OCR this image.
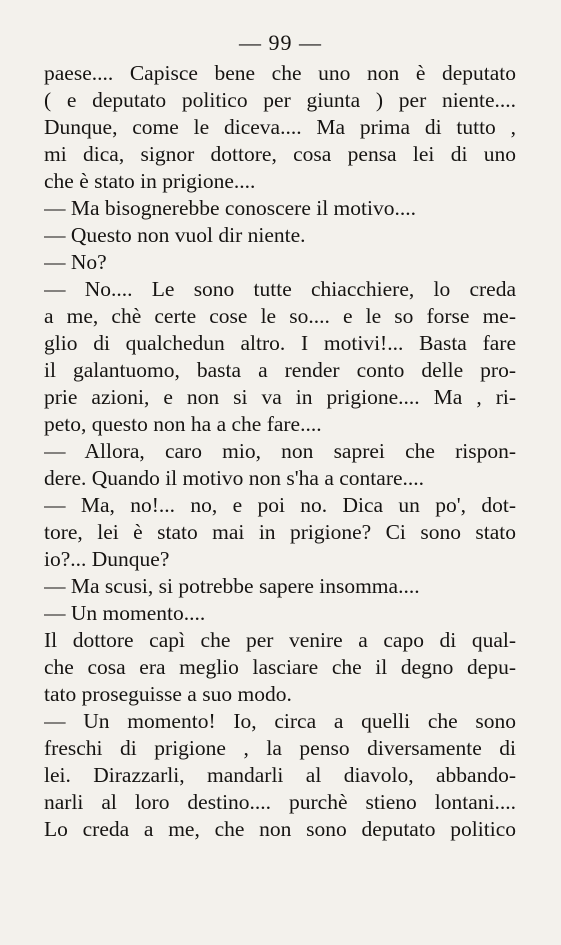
— 99 —
paese.... Capisce bene che uno non è deputato
( e deputato politico per giunta ) per niente....
Dunque, come le diceva.... Ma prima di tutto ,
mi dica, signor dottore, cosa pensa lei di uno
che è stato in prigione....
— Ma bisognerebbe conoscere il motivo....
— Questo non vuol dir niente.
— No?
— No.... Le sono tutte chiacchiere, lo creda
a me, chè certe cose le so.... e le so forse me-
glio di qualchedun altro. I motivi!... Basta fare
il galantuomo, basta a render conto delle pro-
prie azioni, e non si va in prigione.... Ma , ri-
peto, questo non ha a che fare....
— Allora, caro mio, non saprei che rispon-
dere. Quando il motivo non s'ha a contare....
— Ma, no!... no, e poi no. Dica un po', dot-
tore, lei è stato mai in prigione? Ci sono stato
io?... Dunque?
— Ma scusi, si potrebbe sapere insomma....
— Un momento....
Il dottore capì che per venire a capo di qual-
che cosa era meglio lasciare che il degno depu-
tato proseguisse a suo modo.
— Un momento! Io, circa a quelli che sono
freschi di prigione , la penso diversamente di
lei. Dirazzarli, mandarli al diavolo, abbando-
narli al loro destino.... purchè stieno lontani....
Lo creda a me, che non sono deputato politico
